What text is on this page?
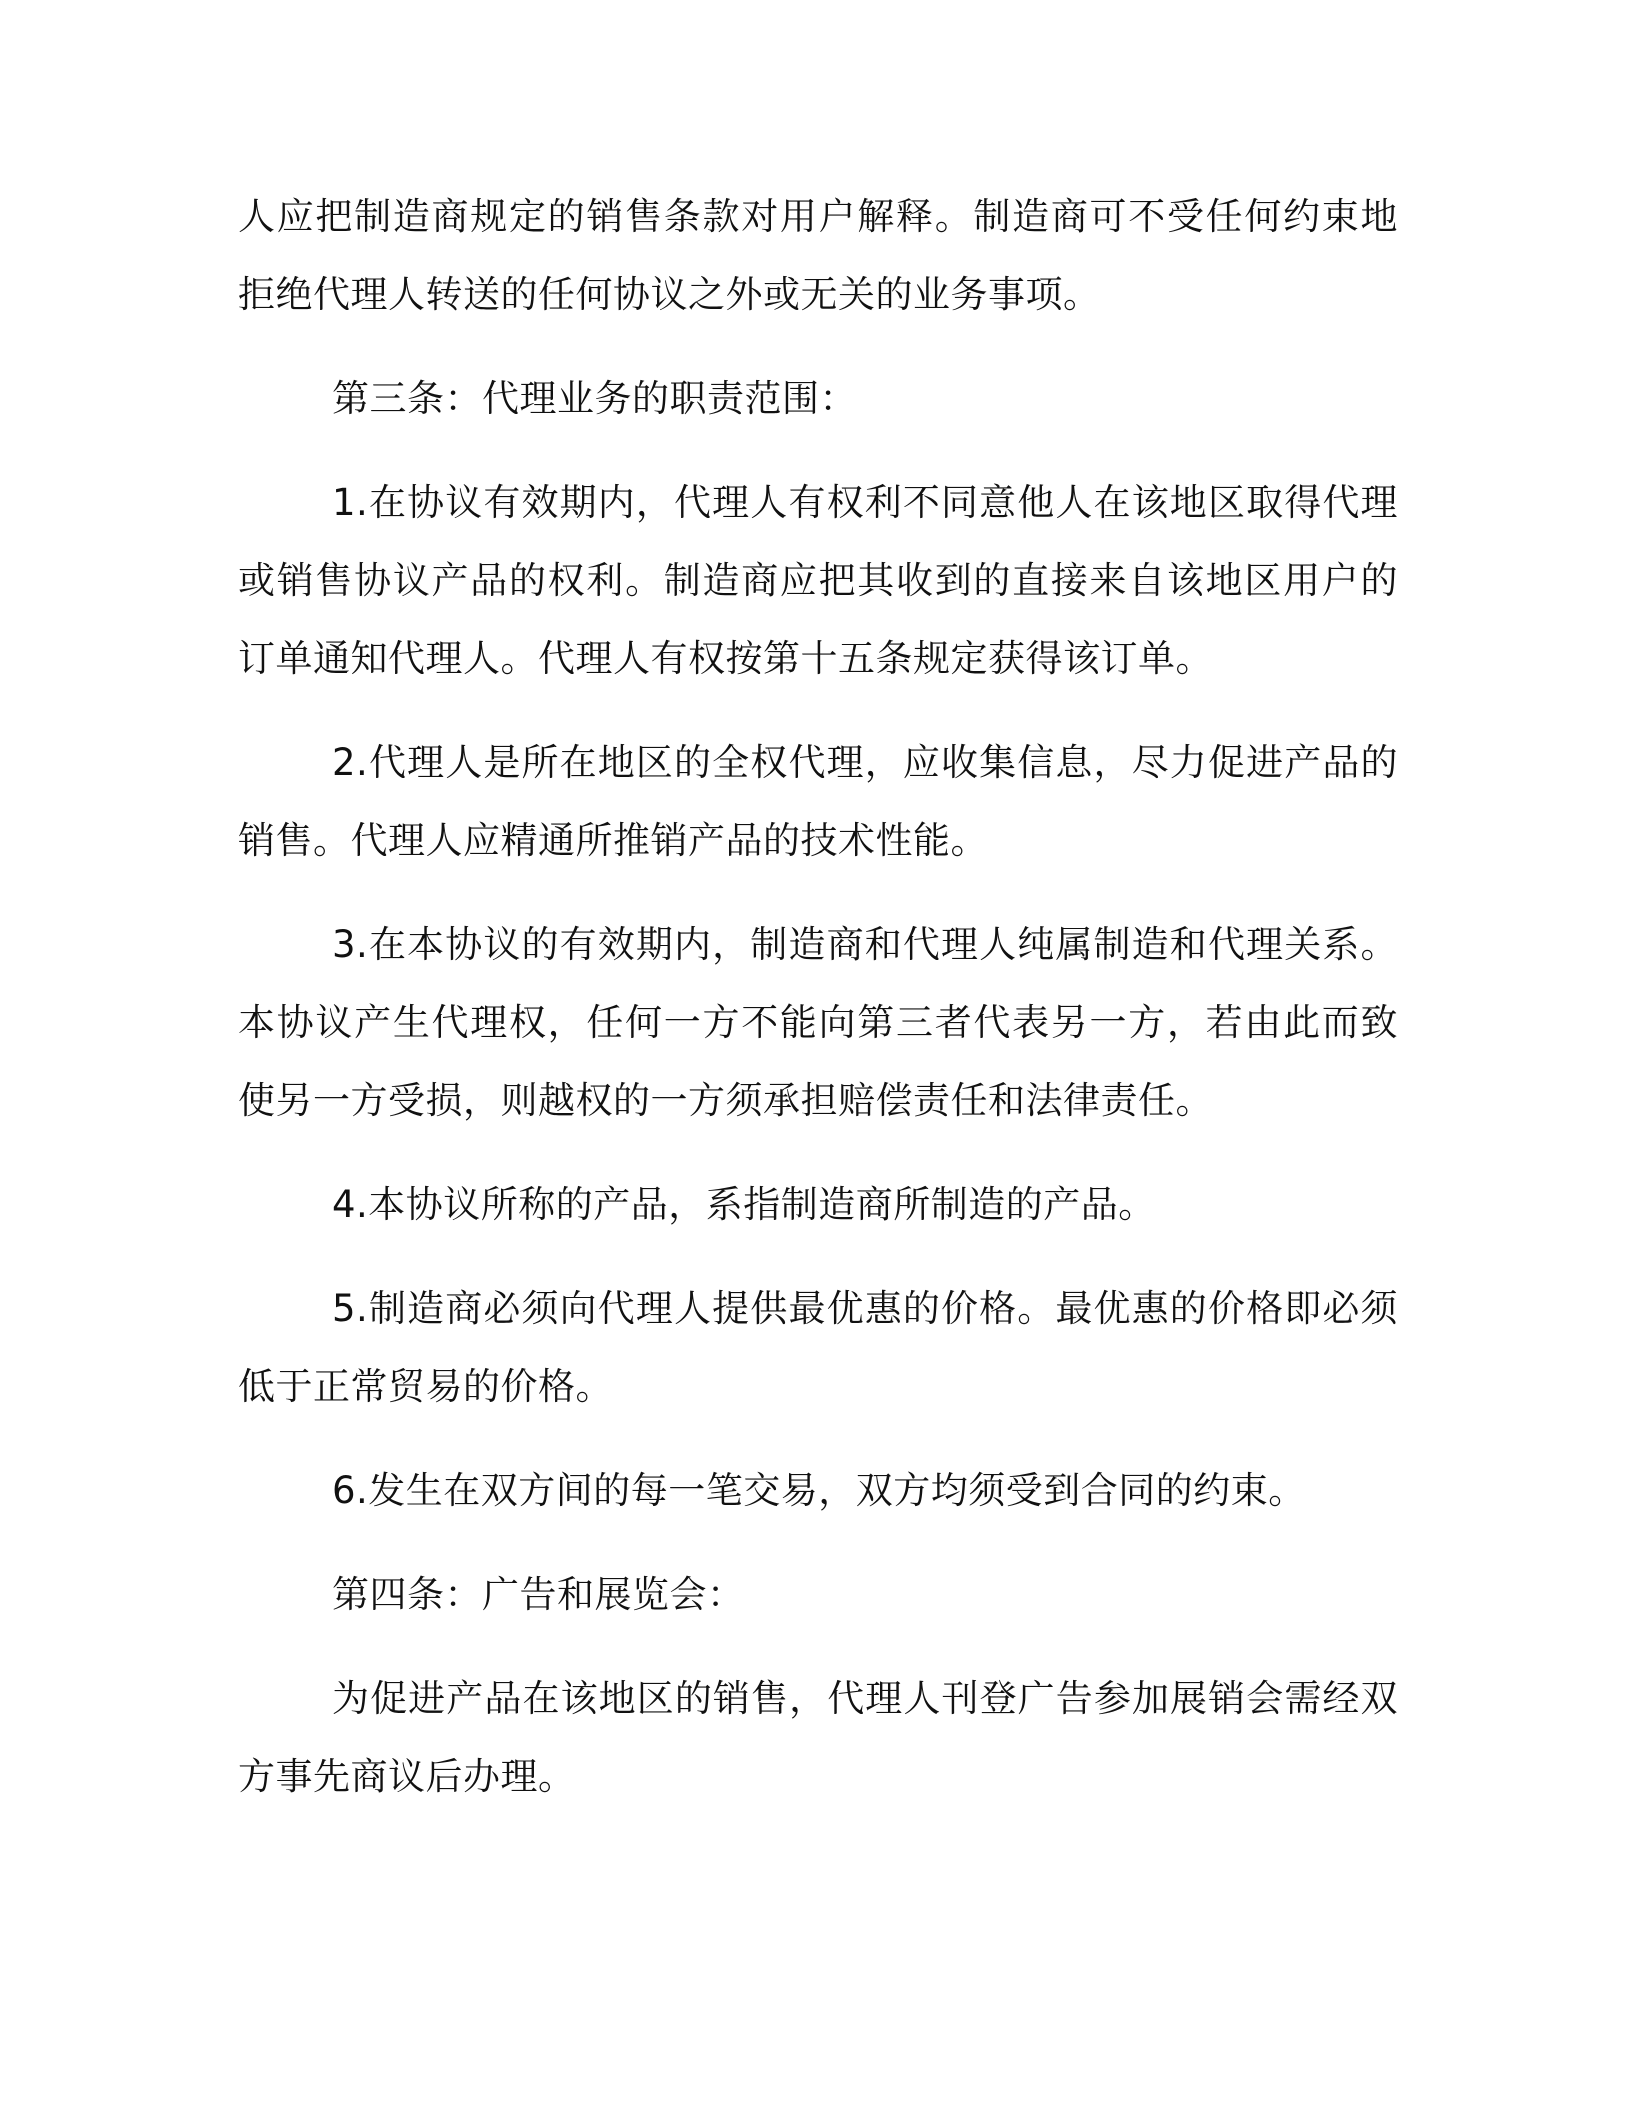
人应把制造商规定的销售条款对用户解释。制造商可不受任何约束地拒绝代理人转送的任何协议之外或无关的业务事项。

第三条：代理业务的职责范围：

1.在协议有效期内，代理人有权利不同意他人在该地区取得代理或销售协议产品的权利。制造商应把其收到的直接来自该地区用户的订单通知代理人。代理人有权按第十五条规定获得该订单。

2.代理人是所在地区的全权代理，应收集信息，尽力促进产品的销售。代理人应精通所推销产品的技术性能。

3.在本协议的有效期内，制造商和代理人纯属制造和代理关系。本协议产生代理权，任何一方不能向第三者代表另一方，若由此而致使另一方受损，则越权的一方须承担赔偿责任和法律责任。

4.本协议所称的产品，系指制造商所制造的产品。

5.制造商必须向代理人提供最优惠的价格。最优惠的价格即必须低于正常贸易的价格。

6.发生在双方间的每一笔交易，双方均须受到合同的约束。

第四条：广告和展览会：

为促进产品在该地区的销售，代理人刊登广告参加展销会需经双方事先商议后办理。
